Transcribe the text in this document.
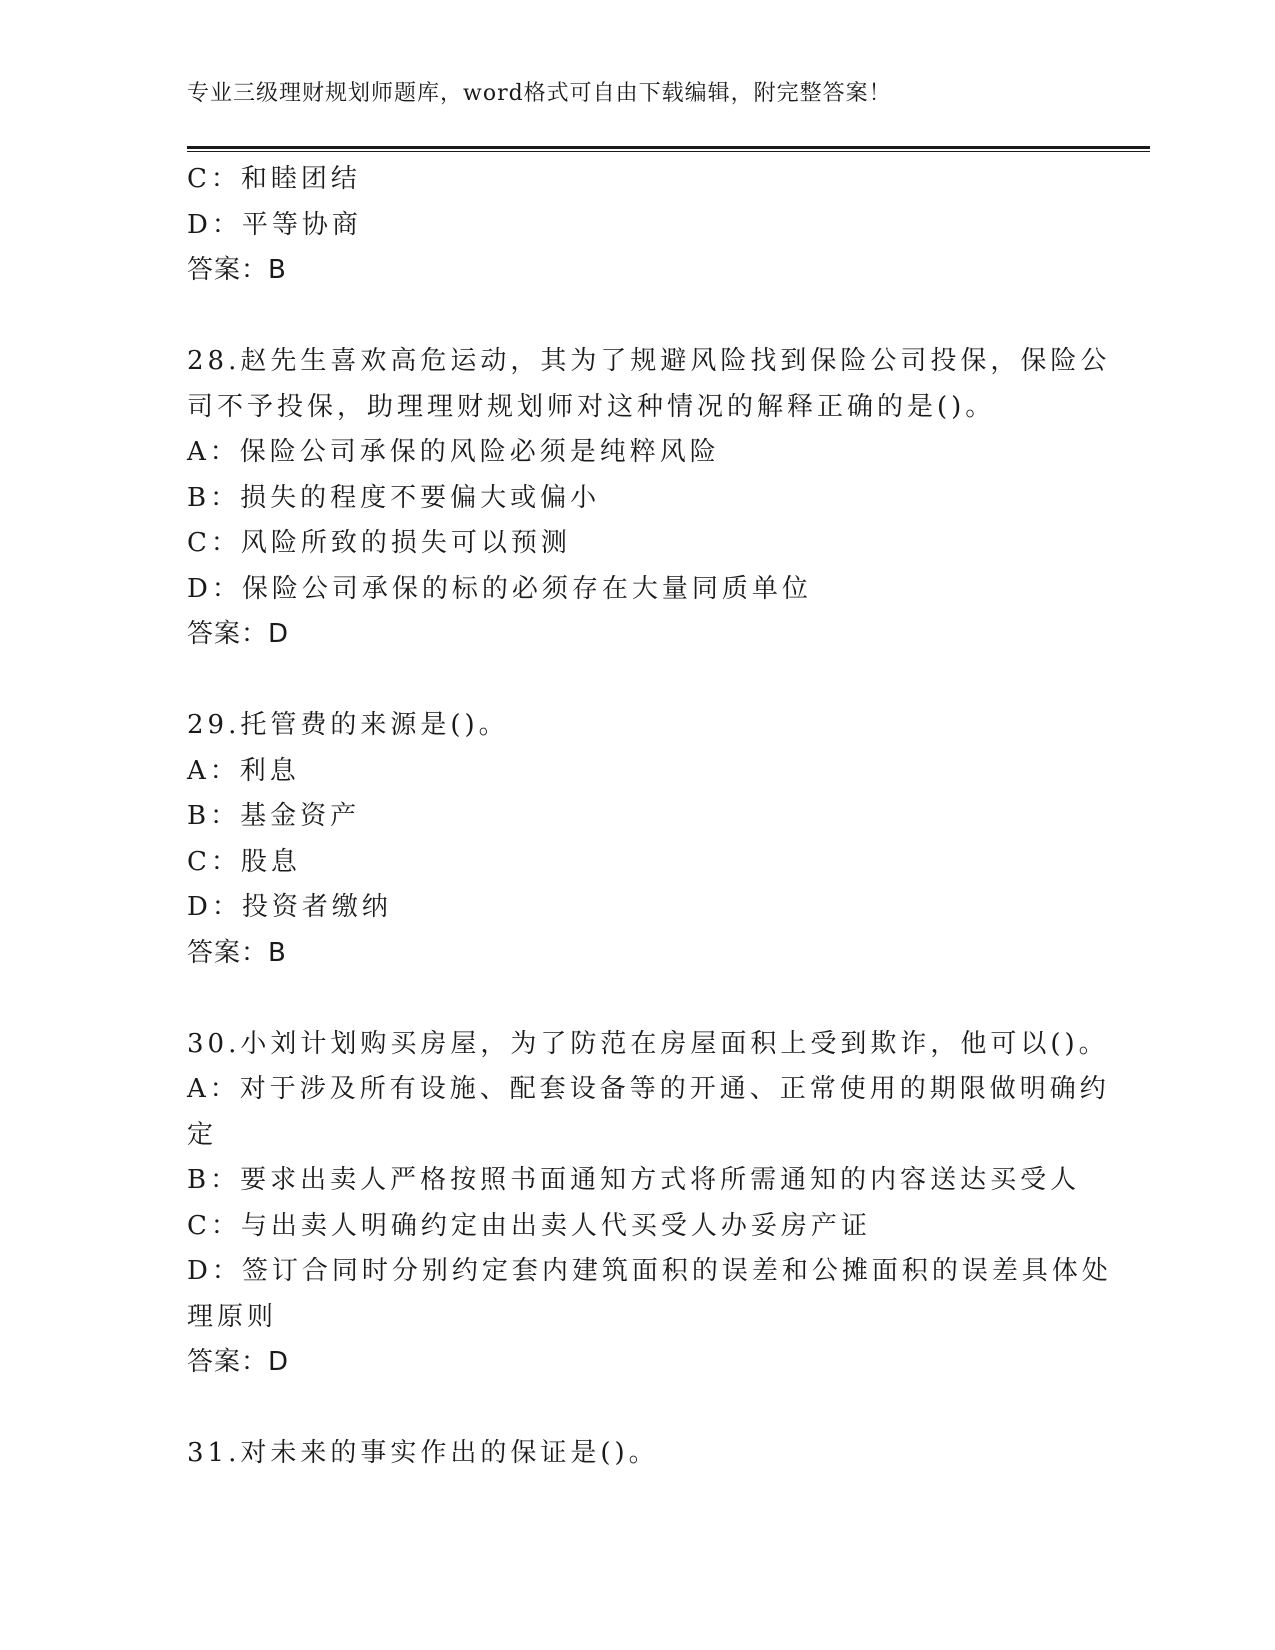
专业三级理财规划师题库，word格式可自由下载编辑，附完整答案！
C：和睦团结
D：平等协商
答案：B
28.赵先生喜欢高危运动，其为了规避风险找到保险公司投保，保险公
司不予投保，助理理财规划师对这种情况的解释正确的是()。
A：保险公司承保的风险必须是纯粹风险
B：损失的程度不要偏大或偏小
C：风险所致的损失可以预测
D：保险公司承保的标的必须存在大量同质单位
答案：D
29.托管费的来源是()。
A：利息
B：基金资产
C：股息
D：投资者缴纳
答案：B
30.小刘计划购买房屋，为了防范在房屋面积上受到欺诈，他可以()。
A：对于涉及所有设施、配套设备等的开通、正常使用的期限做明确约
定
B：要求出卖人严格按照书面通知方式将所需通知的内容送达买受人
C：与出卖人明确约定由出卖人代买受人办妥房产证
D：签订合同时分别约定套内建筑面积的误差和公摊面积的误差具体处
理原则
答案：D
31.对未来的事实作出的保证是()。
